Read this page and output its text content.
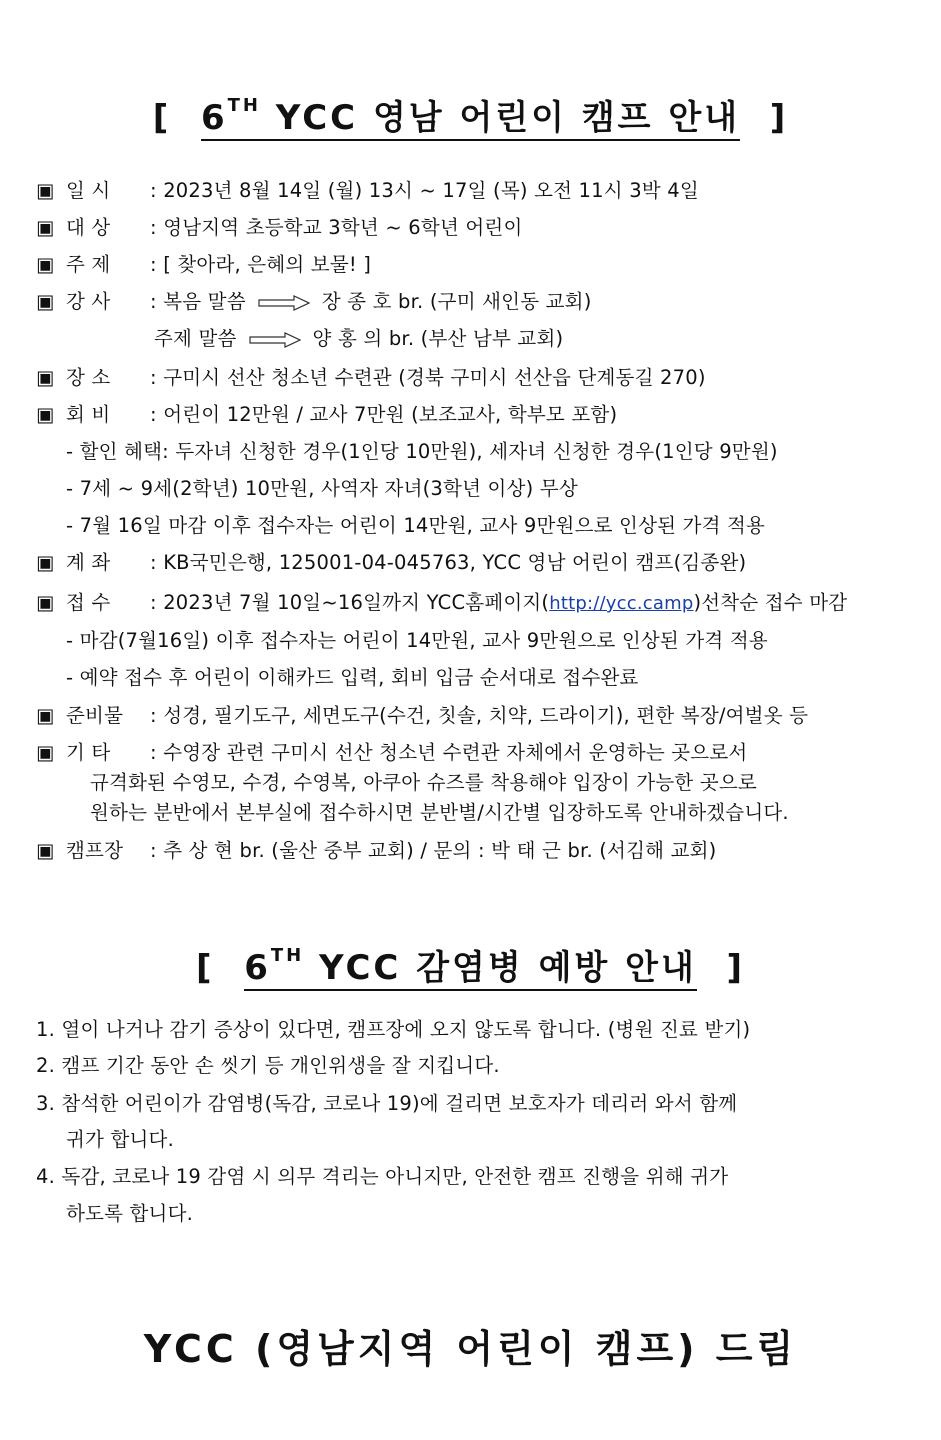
[ 6TH YCC 영남 어린이 캠프 안내 ]
▣ 일 시 : 2023년 8월 14일 (월) 13시 ~ 17일 (목) 오전 11시 3박 4일
▣ 대 상 : 영남지역 초등학교 3학년 ~ 6학년 어린이
▣ 주 제 : [ 찾아라, 은혜의 보물! ]
▣ 강 사 : 복음 말씀	장 종 호 br. (구미 새인동 교회)
주제 말씀	양 홍 의 br. (부산 남부 교회)
▣ 장 소 : 구미시 선산 청소년 수련관 (경북 구미시 선산읍 단계동길 270)
▣ 회 비 : 어린이 12만원 / 교사 7만원 (보조교사, 학부모 포함)
- 할인 혜택: 두자녀 신청한 경우(1인당 10만원), 세자녀 신청한 경우(1인당 9만원)
- 7세 ~ 9세(2학년) 10만원, 사역자 자녀(3학년 이상) 무상
- 7월 16일 마감 이후 접수자는 어린이 14만원, 교사 9만원으로 인상된 가격 적용
▣ 계 좌 : KB국민은행, 125001-04-045763, YCC 영남 어린이 캠프(김종완)
▣ 접 수 : 2023년 7월 10일~16일까지 YCC홈페이지(http://ycc.camp)선착순 접수 마감
- 마감(7월16일) 이후 접수자는 어린이 14만원, 교사 9만원으로 인상된 가격 적용
- 예약 접수 후 어린이 이해카드 입력, 회비 입금 순서대로 접수완료
▣ 준비물 : 성경, 필기도구, 세면도구(수건, 칫솔, 치약, 드라이기), 편한 복장/여벌옷 등
▣ 기 타 : 수영장 관련 구미시 선산 청소년 수련관 자체에서 운영하는 곳으로서
규격화된 수영모, 수경, 수영복, 아쿠아 슈즈를 착용해야 입장이 가능한 곳으로
원하는 분반에서 본부실에 접수하시면 분반별/시간별 입장하도록 안내하겠습니다.
▣ 캠프장 : 추 상 현 br. (울산 중부 교회) / 문의 : 박 태 근 br. (서김해 교회)
[ 6TH YCC 감염병 예방 안내 ]
1. 열이 나거나 감기 증상이 있다면, 캠프장에 오지 않도록 합니다. (병원 진료 받기)
2. 캠프 기간 동안 손 씻기 등 개인위생을 잘 지킵니다.
3. 참석한 어린이가 감염병(독감, 코로나 19)에 걸리면 보호자가 데리러 와서 함께
귀가 합니다.
4. 독감, 코로나 19 감염 시 의무 격리는 아니지만, 안전한 캠프 진행을 위해 귀가
하도록 합니다.
YCC (영남지역 어린이 캠프) 드림
